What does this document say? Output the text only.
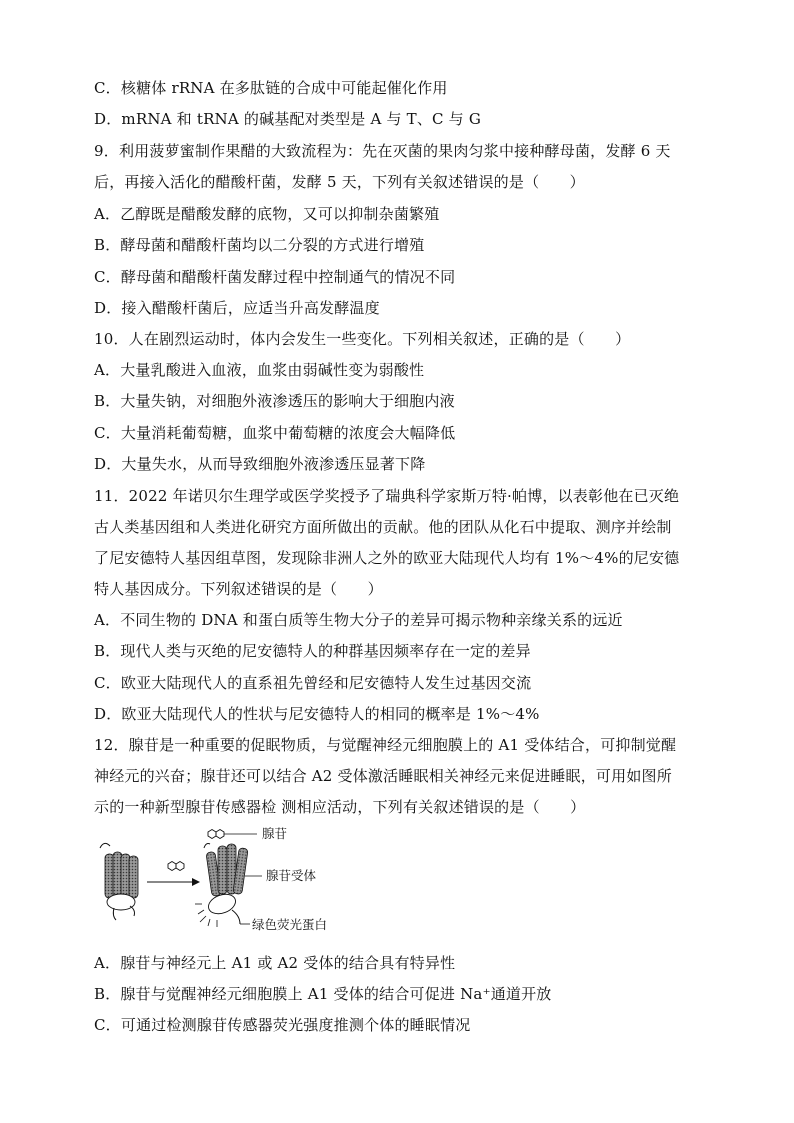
C．核糖体 rRNA 在多肽链的合成中可能起催化作用
D．mRNA 和 tRNA 的碱基配对类型是 A 与 T、C 与 G
9．利用菠萝蜜制作果醋的大致流程为：先在灭菌的果肉匀浆中接种酵母菌，发酵 6 天
后，再接入活化的醋酸杆菌，发酵 5 天，下列有关叙述错误的是（　　）
A．乙醇既是醋酸发酵的底物，又可以抑制杂菌繁殖
B．酵母菌和醋酸杆菌均以二分裂的方式进行增殖
C．酵母菌和醋酸杆菌发酵过程中控制通气的情况不同
D．接入醋酸杆菌后，应适当升高发酵温度
10．人在剧烈运动时，体内会发生一些变化。下列相关叙述，正确的是（　　）
A．大量乳酸进入血液，血浆由弱碱性变为弱酸性
B．大量失钠，对细胞外液渗透压的影响大于细胞内液
C．大量消耗葡萄糖，血浆中葡萄糖的浓度会大幅降低
D．大量失水，从而导致细胞外液渗透压显著下降
11．2022 年诺贝尔生理学或医学奖授予了瑞典科学家斯万特·帕博，以表彰他在已灭绝
古人类基因组和人类进化研究方面所做出的贡献。他的团队从化石中提取、测序并绘制
了尼安德特人基因组草图，发现除非洲人之外的欧亚大陆现代人均有 1%～4%的尼安德
特人基因成分。下列叙述错误的是（　　）
A．不同生物的 DNA 和蛋白质等生物大分子的差异可揭示物种亲缘关系的远近
B．现代人类与灭绝的尼安德特人的种群基因频率存在一定的差异
C．欧亚大陆现代人的直系祖先曾经和尼安德特人发生过基因交流
D．欧亚大陆现代人的性状与尼安德特人的相同的概率是 1%～4%
12．腺苷是一种重要的促眠物质，与觉醒神经元细胞膜上的 A1 受体结合，可抑制觉醒
神经元的兴奋；腺苷还可以结合 A2 受体激活睡眠相关神经元来促进睡眠，可用如图所
示的一种新型腺苷传感器检 测相应活动，下列有关叙述错误的是（　　）
腺苷
腺苷受体
绿色荧光蛋白
A．腺苷与神经元上 A1 或 A2 受体的结合具有特异性
B．腺苷与觉醒神经元细胞膜上 A1 受体的结合可促进 Na⁺通道开放
C．可通过检测腺苷传感器荧光强度推测个体的睡眠情况
